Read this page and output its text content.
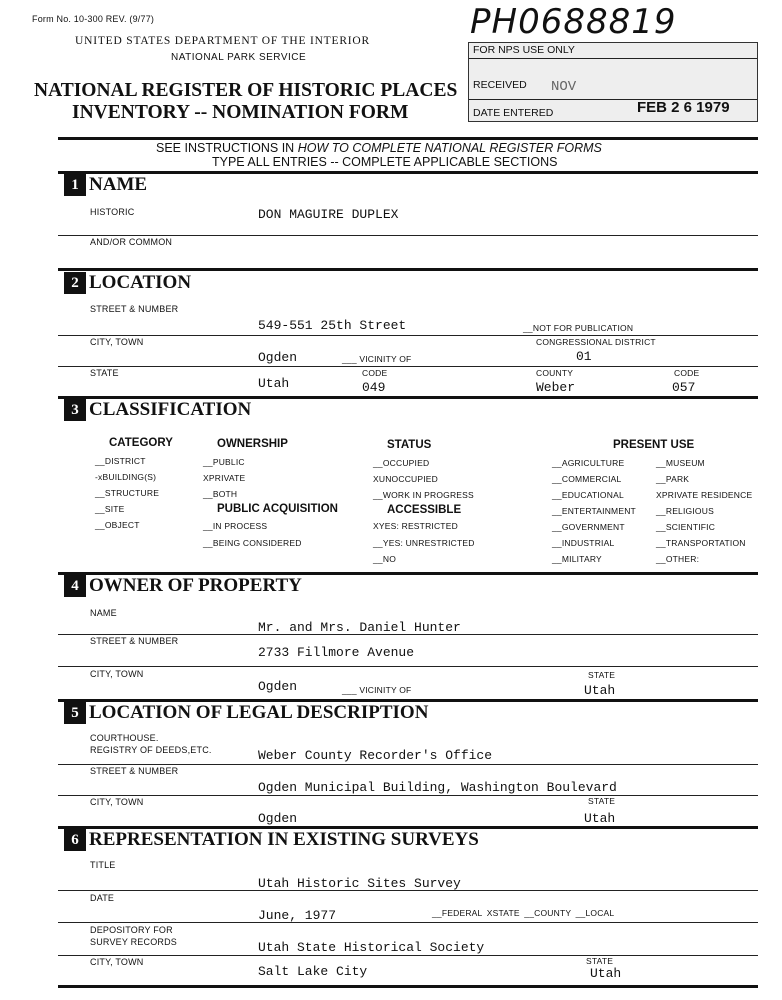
Form No. 10-300 REV. (9/77)
UNITED STATES DEPARTMENT OF THE INTERIOR
NATIONAL PARK SERVICE
NATIONAL REGISTER OF HISTORIC PLACES
INVENTORY -- NOMINATION FORM
PH0688819
FOR NPS USE ONLY
RECEIVED NOV
DATE ENTERED	FEB 2 6 1979
SEE INSTRUCTIONS IN HOW TO COMPLETE NATIONAL REGISTER FORMS
TYPE ALL ENTRIES -- COMPLETE APPLICABLE SECTIONS
1 NAME
HISTORIC	DON MAGUIRE DUPLEX
AND/OR COMMON
2 LOCATION
STREET & NUMBER
549-551 25th Street	__NOT FOR PUBLICATION
CITY, TOWN	CONGRESSIONAL DISTRICT
Ogden	___ VICINITY OF	01
STATE	CODE	COUNTY	CODE
Utah	049	Weber	057
3 CLASSIFICATION
CATEGORY	OWNERSHIP	STATUS	PRESENT USE
__DISTRICT
-xBUILDING(S)
__STRUCTURE
__SITE
__OBJECT
__PUBLIC
XPRIVATE
__BOTH
PUBLIC ACQUISITION
__IN PROCESS
__BEING CONSIDERED
__OCCUPIED
XUNOCCUPIED
__WORK IN PROGRESS
ACCESSIBLE
XYES: RESTRICTED
__YES: UNRESTRICTED
__NO
__AGRICULTURE
__COMMERCIAL
__EDUCATIONAL
__ENTERTAINMENT
__GOVERNMENT
__INDUSTRIAL
__MILITARY
__MUSEUM
__PARK
XPRIVATE RESIDENCE
__RELIGIOUS
__SCIENTIFIC
__TRANSPORTATION
__OTHER:
4 OWNER OF PROPERTY
NAME
Mr. and Mrs. Daniel Hunter
STREET & NUMBER
2733 Fillmore Avenue
CITY, TOWN	STATE
Ogden	___ VICINITY OF	Utah
5 LOCATION OF LEGAL DESCRIPTION
COURTHOUSE.
REGISTRY OF DEEDS,ETC.	Weber County Recorder's Office
STREET & NUMBER
Ogden Municipal Building, Washington Boulevard
CITY, TOWN	STATE
Ogden	Utah
6 REPRESENTATION IN EXISTING SURVEYS
TITLE
Utah Historic Sites Survey
DATE
June, 1977	__FEDERAL XSTATE __COUNTY __LOCAL
DEPOSITORY FOR
SURVEY RECORDS	Utah State Historical Society
CITY, TOWN	STATE
Salt Lake City	Utah
